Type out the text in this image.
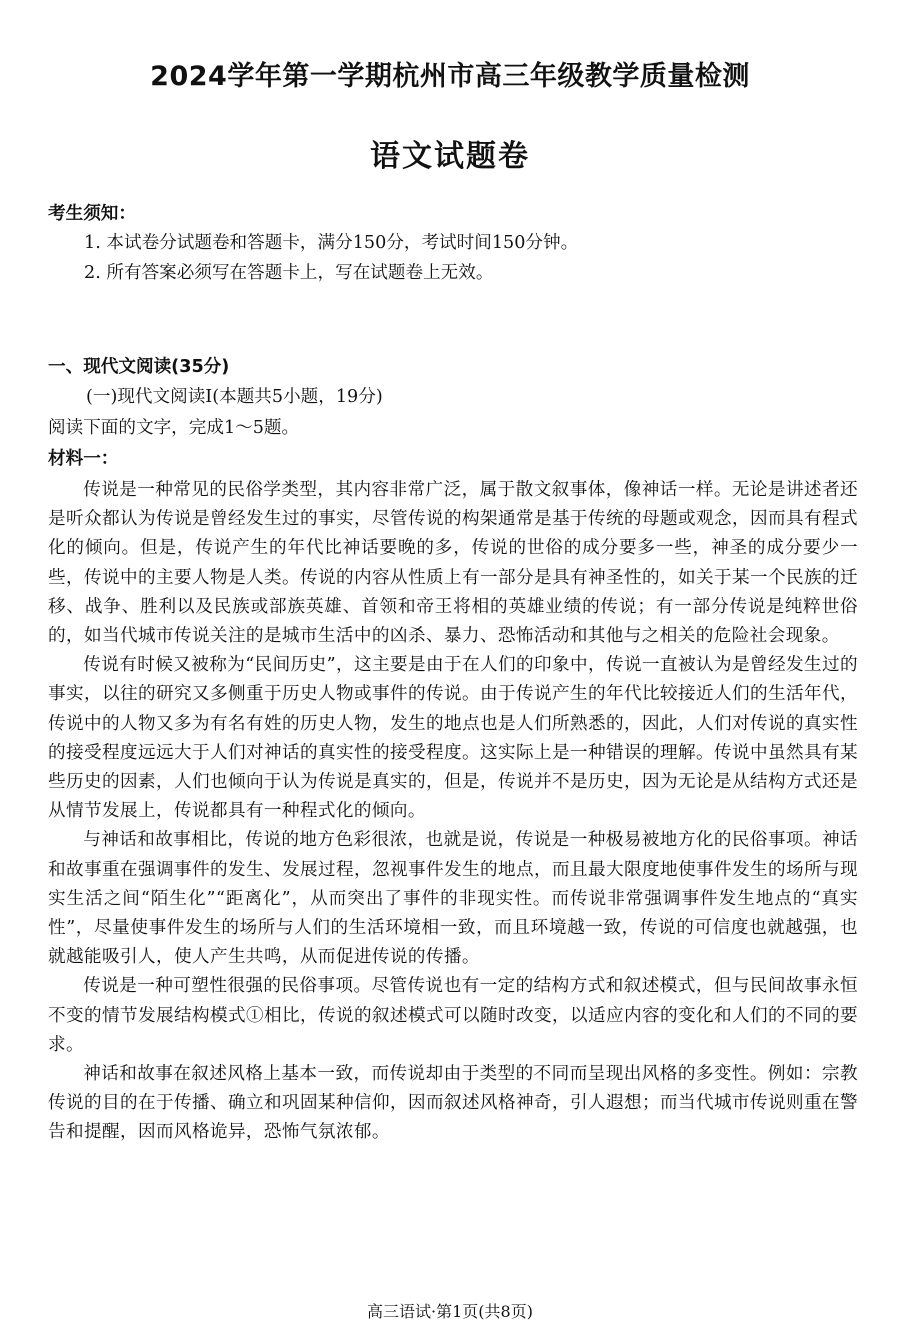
2024学年第一学期杭州市高三年级教学质量检测
语文试题卷
考生须知：
1. 本试卷分试题卷和答题卡，满分150分，考试时间150分钟。
2. 所有答案必须写在答题卡上，写在试题卷上无效。
一、现代文阅读(35分)
(一)现代文阅读Ⅰ(本题共5小题，19分)
阅读下面的文字，完成1～5题。
材料一：

传说是一种常见的民俗学类型，其内容非常广泛，属于散文叙事体，像神话一样。无论是讲述者还是听众都认为传说是曾经发生过的事实，尽管传说的构架通常是基于传统的母题或观念，因而具有程式化的倾向。但是，传说产生的年代比神话要晚的多，传说的世俗的成分要多一些，神圣的成分要少一些，传说中的主要人物是人类。传说的内容从性质上有一部分是具有神圣性的，如关于某一个民族的迁移、战争、胜利以及民族或部族英雄、首领和帝王将相的英雄业绩的传说；有一部分传说是纯粹世俗的，如当代城市传说关注的是城市生活中的凶杀、暴力、恐怖活动和其他与之相关的危险社会现象。

传说有时候又被称为“民间历史”，这主要是由于在人们的印象中，传说一直被认为是曾经发生过的事实，以往的研究又多侧重于历史人物或事件的传说。由于传说产生的年代比较接近人们的生活年代，传说中的人物又多为有名有姓的历史人物，发生的地点也是人们所熟悉的，因此，人们对传说的真实性的接受程度远远大于人们对神话的真实性的接受程度。这实际上是一种错误的理解。传说中虽然具有某些历史的因素，人们也倾向于认为传说是真实的，但是，传说并不是历史，因为无论是从结构方式还是从情节发展上，传说都具有一种程式化的倾向。

与神话和故事相比，传说的地方色彩很浓，也就是说，传说是一种极易被地方化的民俗事项。神话和故事重在强调事件的发生、发展过程，忽视事件发生的地点，而且最大限度地使事件发生的场所与现实生活之间“陌生化”“距离化”，从而突出了事件的非现实性。而传说非常强调事件发生地点的“真实性”，尽量使事件发生的场所与人们的生活环境相一致，而且环境越一致，传说的可信度也就越强，也就越能吸引人，使人产生共鸣，从而促进传说的传播。

传说是一种可塑性很强的民俗事项。尽管传说也有一定的结构方式和叙述模式，但与民间故事永恒不变的情节发展结构模式①相比，传说的叙述模式可以随时改变，以适应内容的变化和人们的不同的要求。

神话和故事在叙述风格上基本一致，而传说却由于类型的不同而呈现出风格的多变性。例如：宗教传说的目的在于传播、确立和巩固某种信仰，因而叙述风格神奇，引人遐想；而当代城市传说则重在警告和提醒，因而风格诡异，恐怖气氛浓郁。

高三语试·第1页(共8页)
